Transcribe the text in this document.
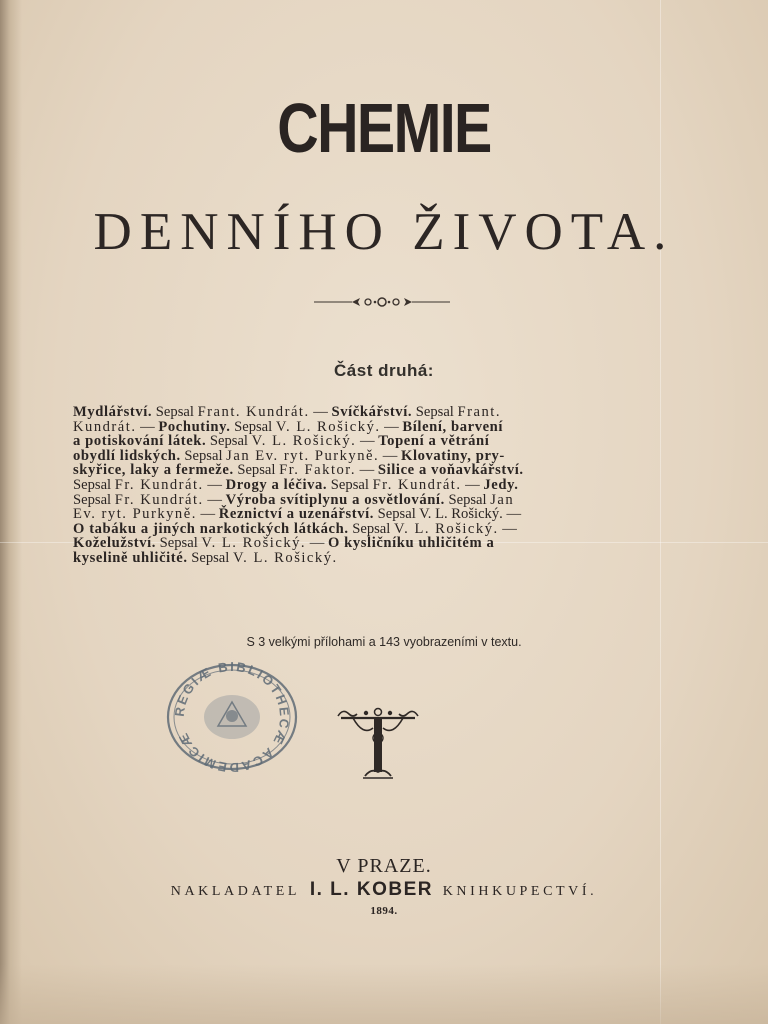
CHEMIE
DENNÍHO ŽIVOTA.
Část druhá:
Mydlářství. Sepsal Frant. Kundrát. — Svíčkářství. Sepsal Frant.
Kundrát. — Pochutiny. Sepsal V. L. Rošický. — Bílení, barvení
a potiskování látek. Sepsal V. L. Rošický. — Topení a větrání
obydlí lidských. Sepsal Jan Ev. ryt. Purkyně. — Klovatiny, pry-
skyřice, laky a fermeže. Sepsal Fr. Faktor. — Silice a voňavkářství.
Sepsal Fr. Kundrát. — Drogy a léčiva. Sepsal Fr. Kundrát. — Jedy.
Sepsal Fr. Kundrát. — Výroba svítiplynu a osvětlování. Sepsal Jan
Ev. ryt. Purkyně. — Řeznictví a uzenářství. Sepsal V. L. Rošický. —
O tabáku a jiných narkotických látkách. Sepsal V. L. Rošický. —
Koželužství. Sepsal V. L. Rošický. — O kysličníku uhličitém a
kyselině uhličité. Sepsal V. L. Rošický.
S 3 velkými přílohami a 143 vyobrazeními v textu.
REGIÆ BIBLIOTHECÆ ACADEMICÆ
V PRAZE.
NAKLADATEL I. L. KOBER KNIHKUPECTVÍ.
1894.
